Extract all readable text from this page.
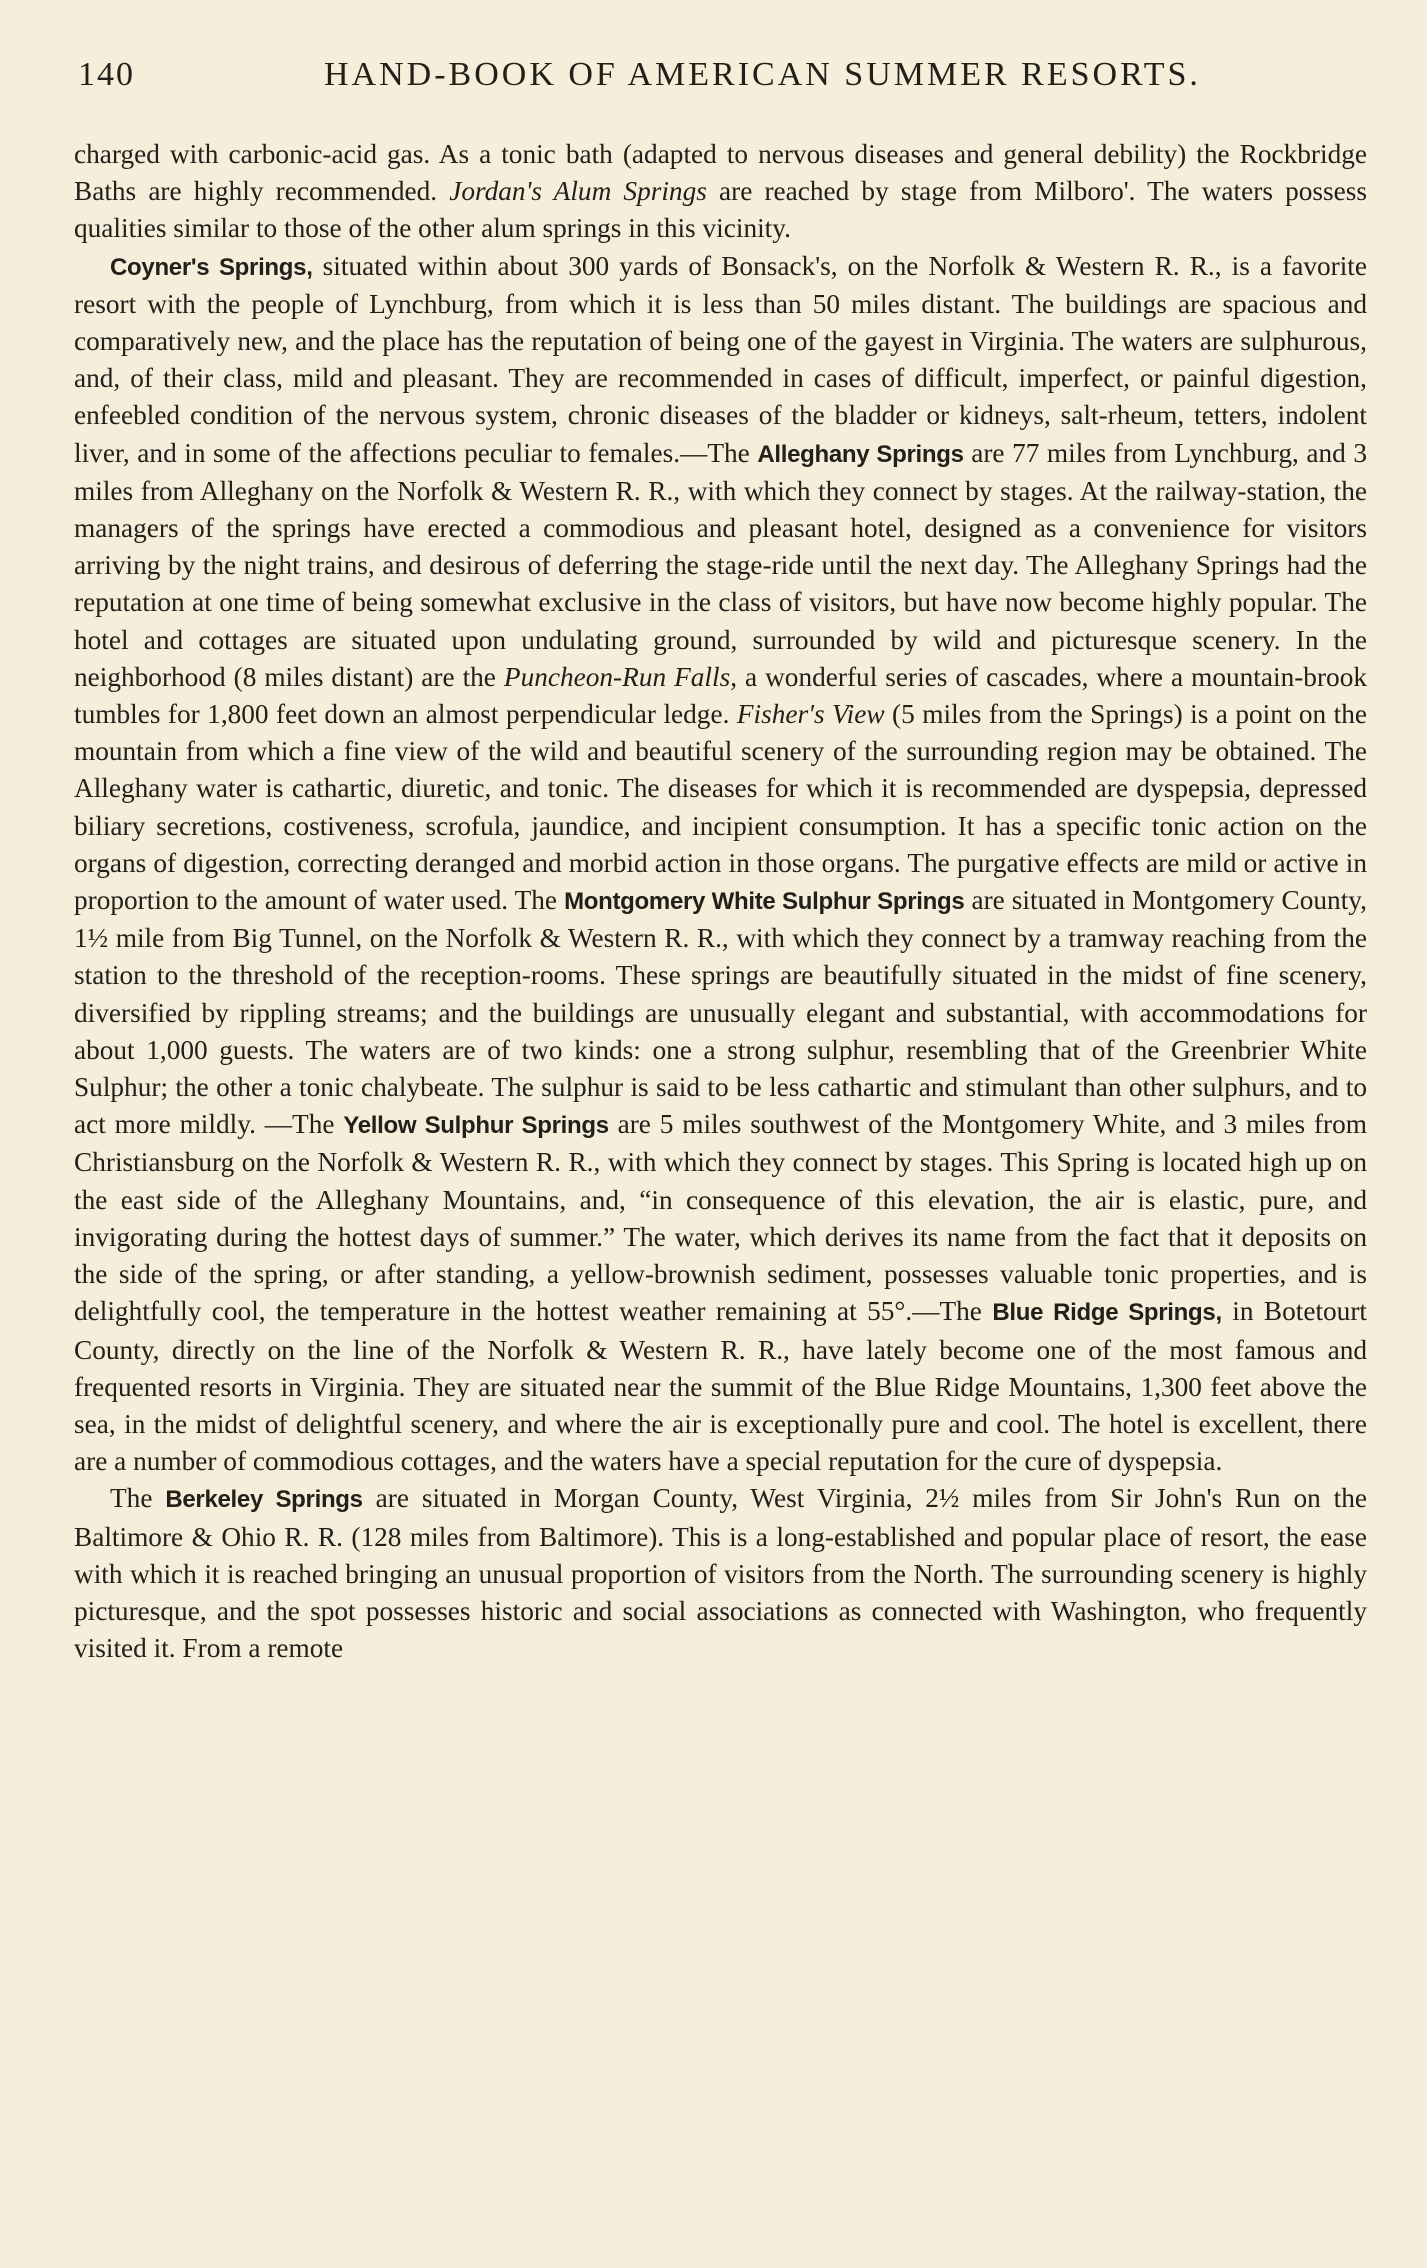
140	HAND-BOOK OF AMERICAN SUMMER RESORTS.

charged with carbonic-acid gas. As a tonic bath (adapted to nervous diseases and general debility) the Rockbridge Baths are highly recommended. Jordan's Alum Springs are reached by stage from Milboro'. The waters possess qualities similar to those of the other alum springs in this vicinity.

Coyner's Springs, situated within about 300 yards of Bonsack's, on the Norfolk & Western R. R., is a favorite resort with the people of Lynchburg, from which it is less than 50 miles distant. The buildings are spacious and comparatively new, and the place has the reputation of being one of the gayest in Virginia. The waters are sulphurous, and, of their class, mild and pleasant. They are recommended in cases of difficult, imperfect, or painful digestion, enfeebled condition of the nervous system, chronic diseases of the bladder or kidneys, salt-rheum, tetters, indolent liver, and in some of the affections peculiar to females.—The Alleghany Springs are 77 miles from Lynchburg, and 3 miles from Alleghany on the Norfolk & Western R. R., with which they connect by stages. At the railway-station, the managers of the springs have erected a commodious and pleasant hotel, designed as a convenience for visitors arriving by the night trains, and desirous of deferring the stage-ride until the next day. The Alleghany Springs had the reputation at one time of being somewhat exclusive in the class of visitors, but have now become highly popular. The hotel and cottages are situated upon undulating ground, surrounded by wild and picturesque scenery. In the neighborhood (8 miles distant) are the Puncheon-Run Falls, a wonderful series of cascades, where a mountain-brook tumbles for 1,800 feet down an almost perpendicular ledge. Fisher's View (5 miles from the Springs) is a point on the mountain from which a fine view of the wild and beautiful scenery of the surrounding region may be obtained. The Alleghany water is cathartic, diuretic, and tonic. The diseases for which it is recommended are dyspepsia, depressed biliary secretions, costiveness, scrofula, jaundice, and incipient consumption. It has a specific tonic action on the organs of digestion, correcting deranged and morbid action in those organs. The purgative effects are mild or active in proportion to the amount of water used. The Montgomery White Sulphur Springs are situated in Montgomery County, 1½ mile from Big Tunnel, on the Norfolk & Western R. R., with which they connect by a tramway reaching from the station to the threshold of the reception-rooms. These springs are beautifully situated in the midst of fine scenery, diversified by rippling streams; and the buildings are unusually elegant and substantial, with accommodations for about 1,000 guests. The waters are of two kinds: one a strong sulphur, resembling that of the Greenbrier White Sulphur; the other a tonic chalybeate. The sulphur is said to be less cathartic and stimulant than other sulphurs, and to act more mildly. —The Yellow Sulphur Springs are 5 miles southwest of the Montgomery White, and 3 miles from Christiansburg on the Norfolk & Western R. R., with which they connect by stages. This Spring is located high up on the east side of the Alleghany Mountains, and, “in consequence of this elevation, the air is elastic, pure, and invigorating during the hottest days of summer.” The water, which derives its name from the fact that it deposits on the side of the spring, or after standing, a yellow-brownish sediment, possesses valuable tonic properties, and is delightfully cool, the temperature in the hottest weather remaining at 55°.—The Blue Ridge Springs, in Botetourt County, directly on the line of the Norfolk & Western R. R., have lately become one of the most famous and frequented resorts in Virginia. They are situated near the summit of the Blue Ridge Mountains, 1,300 feet above the sea, in the midst of delightful scenery, and where the air is exceptionally pure and cool. The hotel is excellent, there are a number of commodious cottages, and the waters have a special reputation for the cure of dyspepsia.

The Berkeley Springs are situated in Morgan County, West Virginia, 2½ miles from Sir John's Run on the Baltimore & Ohio R. R. (128 miles from Baltimore). This is a long-established and popular place of resort, the ease with which it is reached bringing an unusual proportion of visitors from the North. The surrounding scenery is highly picturesque, and the spot possesses historic and social associations as connected with Washington, who frequently visited it. From a remote
